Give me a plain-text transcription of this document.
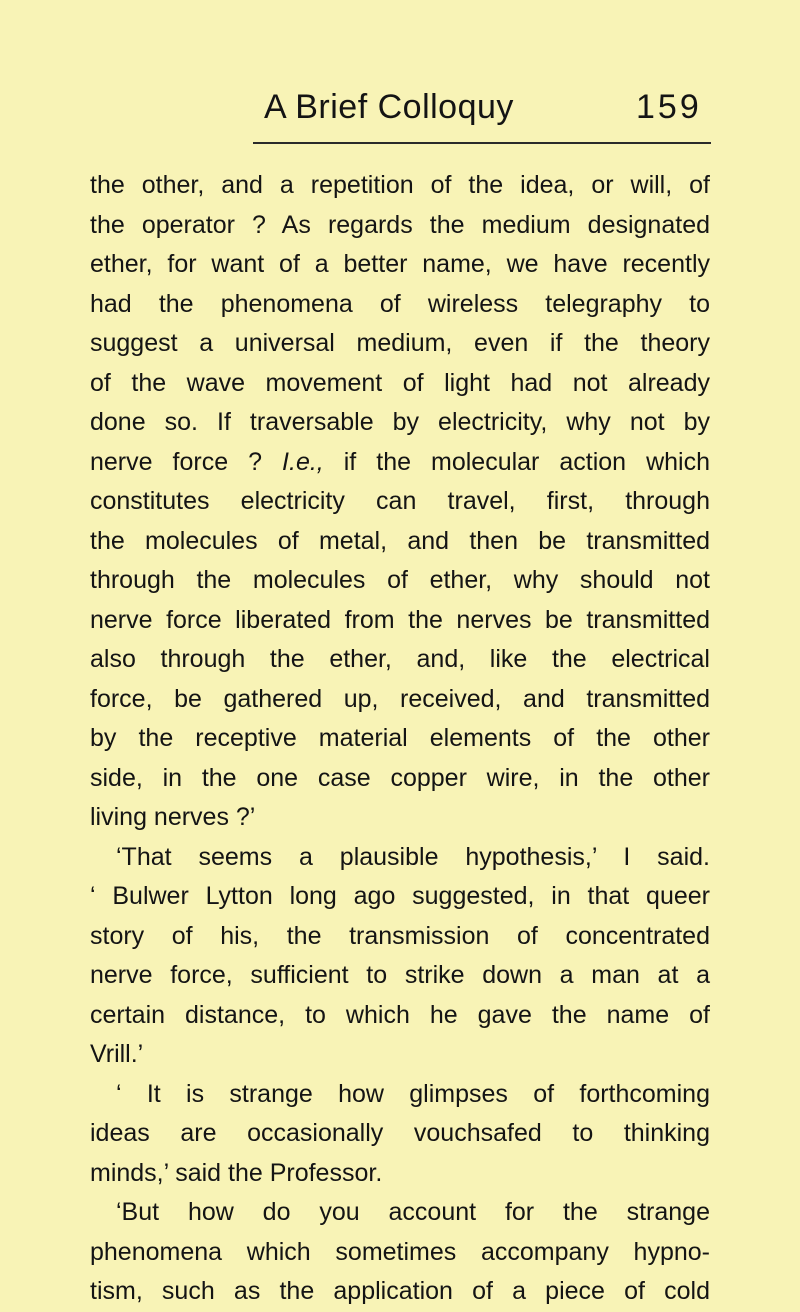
A Brief Colloquy	159
the other, and a repetition of the idea, or will, of
the operator ? As regards the medium designated
ether, for want of a better name, we have recently
had the phenomena of wireless telegraphy to
suggest a universal medium, even if the theory
of the wave movement of light had not already
done so. If traversable by electricity, why not by
nerve force ? I.e., if the molecular action which
constitutes electricity can travel, first, through
the molecules of metal, and then be transmitted
through the molecules of ether, why should not
nerve force liberated from the nerves be transmitted
also through the ether, and, like the electrical
force, be gathered up, received, and transmitted
by the receptive material elements of the other
side, in the one case copper wire, in the other
living nerves ?’
‘That seems a plausible hypothesis,’ I said.
‘ Bulwer Lytton long ago suggested, in that queer
story of his, the transmission of concentrated
nerve force, sufficient to strike down a man at a
certain distance, to which he gave the name of
Vrill.’
‘ It is strange how glimpses of forthcoming
ideas are occasionally vouchsafed to thinking
minds,’ said the Professor.
‘But how do you account for the strange
phenomena which sometimes accompany hypno-
tism, such as the application of a piece of cold
